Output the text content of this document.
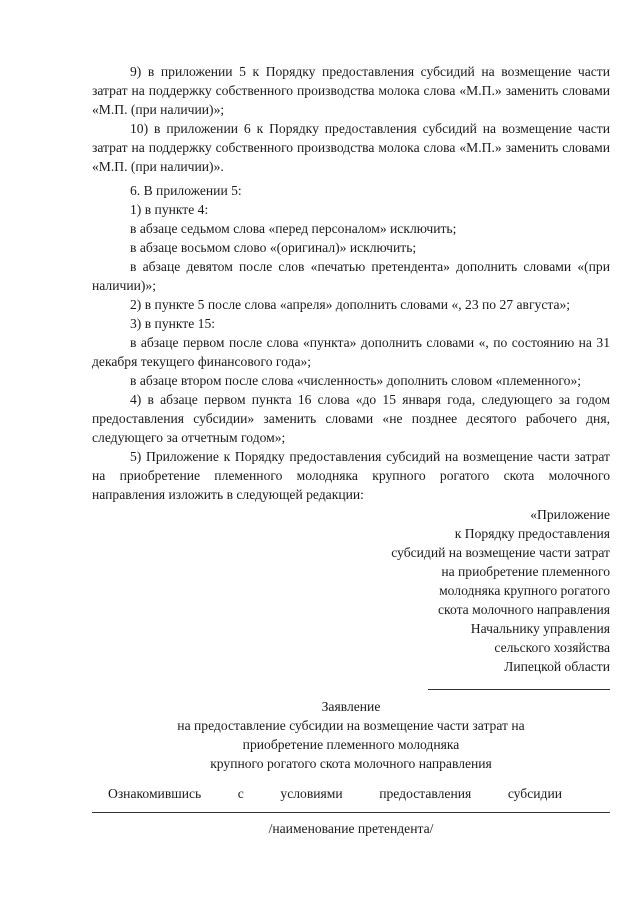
9) в приложении 5 к Порядку предоставления субсидий на возмещение части затрат на поддержку собственного производства молока слова «М.П.» заменить словами «М.П. (при наличии)»;

10) в приложении 6 к Порядку предоставления субсидий на возмещение части затрат на поддержку собственного производства молока слова «М.П.» заменить словами «М.П. (при наличии)».

6. В приложении 5:

1) в пункте 4:

в абзаце седьмом слова «перед персоналом» исключить;

в абзаце восьмом слово «(оригинал)» исключить;

в абзаце девятом после слов «печатью претендента» дополнить словами «(при наличии)»;

2) в пункте 5 после слова «апреля» дополнить словами «, 23 по 27 августа»;

3) в пункте 15:

в абзаце первом после слова «пункта» дополнить словами «, по состоянию на 31 декабря текущего финансового года»;

в абзаце втором после слова «численность» дополнить словом «племенного»;

4) в абзаце первом пункта 16 слова «до 15 января года, следующего за годом предоставления субсидии» заменить словами «не позднее десятого рабочего дня, следующего за отчетным годом»;

5) Приложение к Порядку предоставления субсидий на возмещение части затрат на приобретение племенного молодняка крупного рогатого скота молочного направления изложить в следующей редакции:

«Приложение
к Порядку предоставления
субсидий на возмещение части затрат
на приобретение племенного
молодняка крупного рогатого
скота молочного направления
Начальнику управления
сельского хозяйства
Липецкой области
Заявление
на предоставление субсидии на возмещение части затрат на
приобретение племенного молодняка
крупного рогатого скота молочного направления
Ознакомившись	с	условиями	предоставления	субсидии
/наименование претендента/
